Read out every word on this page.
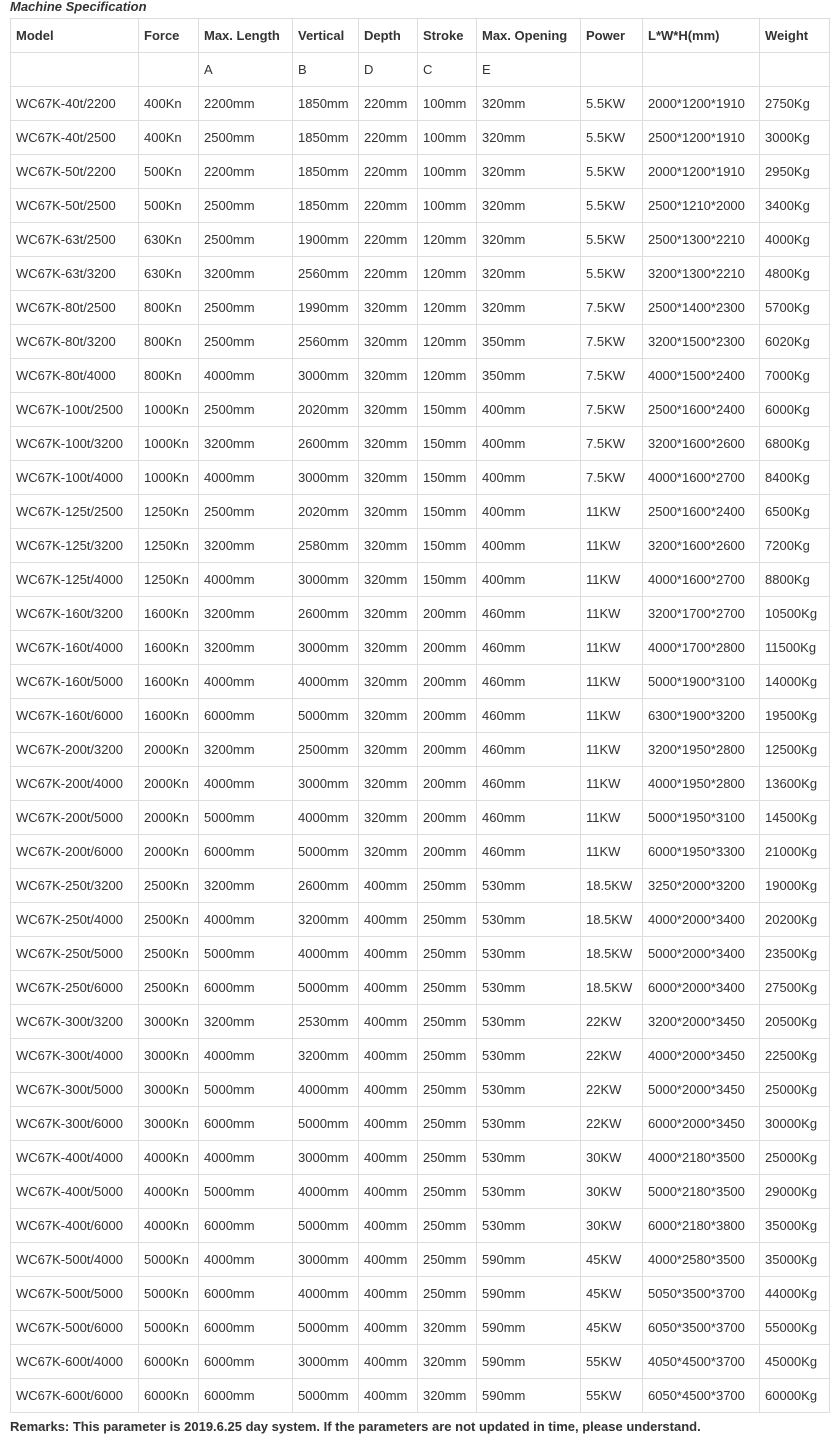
Machine Specification
Model	Force	Max. Length	Vertical	Depth	Stroke	Max. Opening	Power	L*W*H(mm)	Weight
		A	B	D	C	E			
WC67K-40t/2200	400Kn	2200mm	1850mm	220mm	100mm	320mm	5.5KW	2000*1200*1910	2750Kg
WC67K-40t/2500	400Kn	2500mm	1850mm	220mm	100mm	320mm	5.5KW	2500*1200*1910	3000Kg
WC67K-50t/2200	500Kn	2200mm	1850mm	220mm	100mm	320mm	5.5KW	2000*1200*1910	2950Kg
WC67K-50t/2500	500Kn	2500mm	1850mm	220mm	100mm	320mm	5.5KW	2500*1210*2000	3400Kg
WC67K-63t/2500	630Kn	2500mm	1900mm	220mm	120mm	320mm	5.5KW	2500*1300*2210	4000Kg
WC67K-63t/3200	630Kn	3200mm	2560mm	220mm	120mm	320mm	5.5KW	3200*1300*2210	4800Kg
WC67K-80t/2500	800Kn	2500mm	1990mm	320mm	120mm	320mm	7.5KW	2500*1400*2300	5700Kg
WC67K-80t/3200	800Kn	2500mm	2560mm	320mm	120mm	350mm	7.5KW	3200*1500*2300	6020Kg
WC67K-80t/4000	800Kn	4000mm	3000mm	320mm	120mm	350mm	7.5KW	4000*1500*2400	7000Kg
WC67K-100t/2500	1000Kn	2500mm	2020mm	320mm	150mm	400mm	7.5KW	2500*1600*2400	6000Kg
WC67K-100t/3200	1000Kn	3200mm	2600mm	320mm	150mm	400mm	7.5KW	3200*1600*2600	6800Kg
WC67K-100t/4000	1000Kn	4000mm	3000mm	320mm	150mm	400mm	7.5KW	4000*1600*2700	8400Kg
WC67K-125t/2500	1250Kn	2500mm	2020mm	320mm	150mm	400mm	11KW	2500*1600*2400	6500Kg
WC67K-125t/3200	1250Kn	3200mm	2580mm	320mm	150mm	400mm	11KW	3200*1600*2600	7200Kg
WC67K-125t/4000	1250Kn	4000mm	3000mm	320mm	150mm	400mm	11KW	4000*1600*2700	8800Kg
WC67K-160t/3200	1600Kn	3200mm	2600mm	320mm	200mm	460mm	11KW	3200*1700*2700	10500Kg
WC67K-160t/4000	1600Kn	3200mm	3000mm	320mm	200mm	460mm	11KW	4000*1700*2800	11500Kg
WC67K-160t/5000	1600Kn	4000mm	4000mm	320mm	200mm	460mm	11KW	5000*1900*3100	14000Kg
WC67K-160t/6000	1600Kn	6000mm	5000mm	320mm	200mm	460mm	11KW	6300*1900*3200	19500Kg
WC67K-200t/3200	2000Kn	3200mm	2500mm	320mm	200mm	460mm	11KW	3200*1950*2800	12500Kg
WC67K-200t/4000	2000Kn	4000mm	3000mm	320mm	200mm	460mm	11KW	4000*1950*2800	13600Kg
WC67K-200t/5000	2000Kn	5000mm	4000mm	320mm	200mm	460mm	11KW	5000*1950*3100	14500Kg
WC67K-200t/6000	2000Kn	6000mm	5000mm	320mm	200mm	460mm	11KW	6000*1950*3300	21000Kg
WC67K-250t/3200	2500Kn	3200mm	2600mm	400mm	250mm	530mm	18.5KW	3250*2000*3200	19000Kg
WC67K-250t/4000	2500Kn	4000mm	3200mm	400mm	250mm	530mm	18.5KW	4000*2000*3400	20200Kg
WC67K-250t/5000	2500Kn	5000mm	4000mm	400mm	250mm	530mm	18.5KW	5000*2000*3400	23500Kg
WC67K-250t/6000	2500Kn	6000mm	5000mm	400mm	250mm	530mm	18.5KW	6000*2000*3400	27500Kg
WC67K-300t/3200	3000Kn	3200mm	2530mm	400mm	250mm	530mm	22KW	3200*2000*3450	20500Kg
WC67K-300t/4000	3000Kn	4000mm	3200mm	400mm	250mm	530mm	22KW	4000*2000*3450	22500Kg
WC67K-300t/5000	3000Kn	5000mm	4000mm	400mm	250mm	530mm	22KW	5000*2000*3450	25000Kg
WC67K-300t/6000	3000Kn	6000mm	5000mm	400mm	250mm	530mm	22KW	6000*2000*3450	30000Kg
WC67K-400t/4000	4000Kn	4000mm	3000mm	400mm	250mm	530mm	30KW	4000*2180*3500	25000Kg
WC67K-400t/5000	4000Kn	5000mm	4000mm	400mm	250mm	530mm	30KW	5000*2180*3500	29000Kg
WC67K-400t/6000	4000Kn	6000mm	5000mm	400mm	250mm	530mm	30KW	6000*2180*3800	35000Kg
WC67K-500t/4000	5000Kn	4000mm	3000mm	400mm	250mm	590mm	45KW	4000*2580*3500	35000Kg
WC67K-500t/5000	5000Kn	6000mm	4000mm	400mm	250mm	590mm	45KW	5050*3500*3700	44000Kg
WC67K-500t/6000	5000Kn	6000mm	5000mm	400mm	320mm	590mm	45KW	6050*3500*3700	55000Kg
WC67K-600t/4000	6000Kn	6000mm	3000mm	400mm	320mm	590mm	55KW	4050*4500*3700	45000Kg
WC67K-600t/6000	6000Kn	6000mm	5000mm	400mm	320mm	590mm	55KW	6050*4500*3700	60000Kg
Remarks: This parameter is 2019.6.25 day system. If the parameters are not updated in time, please understand.
